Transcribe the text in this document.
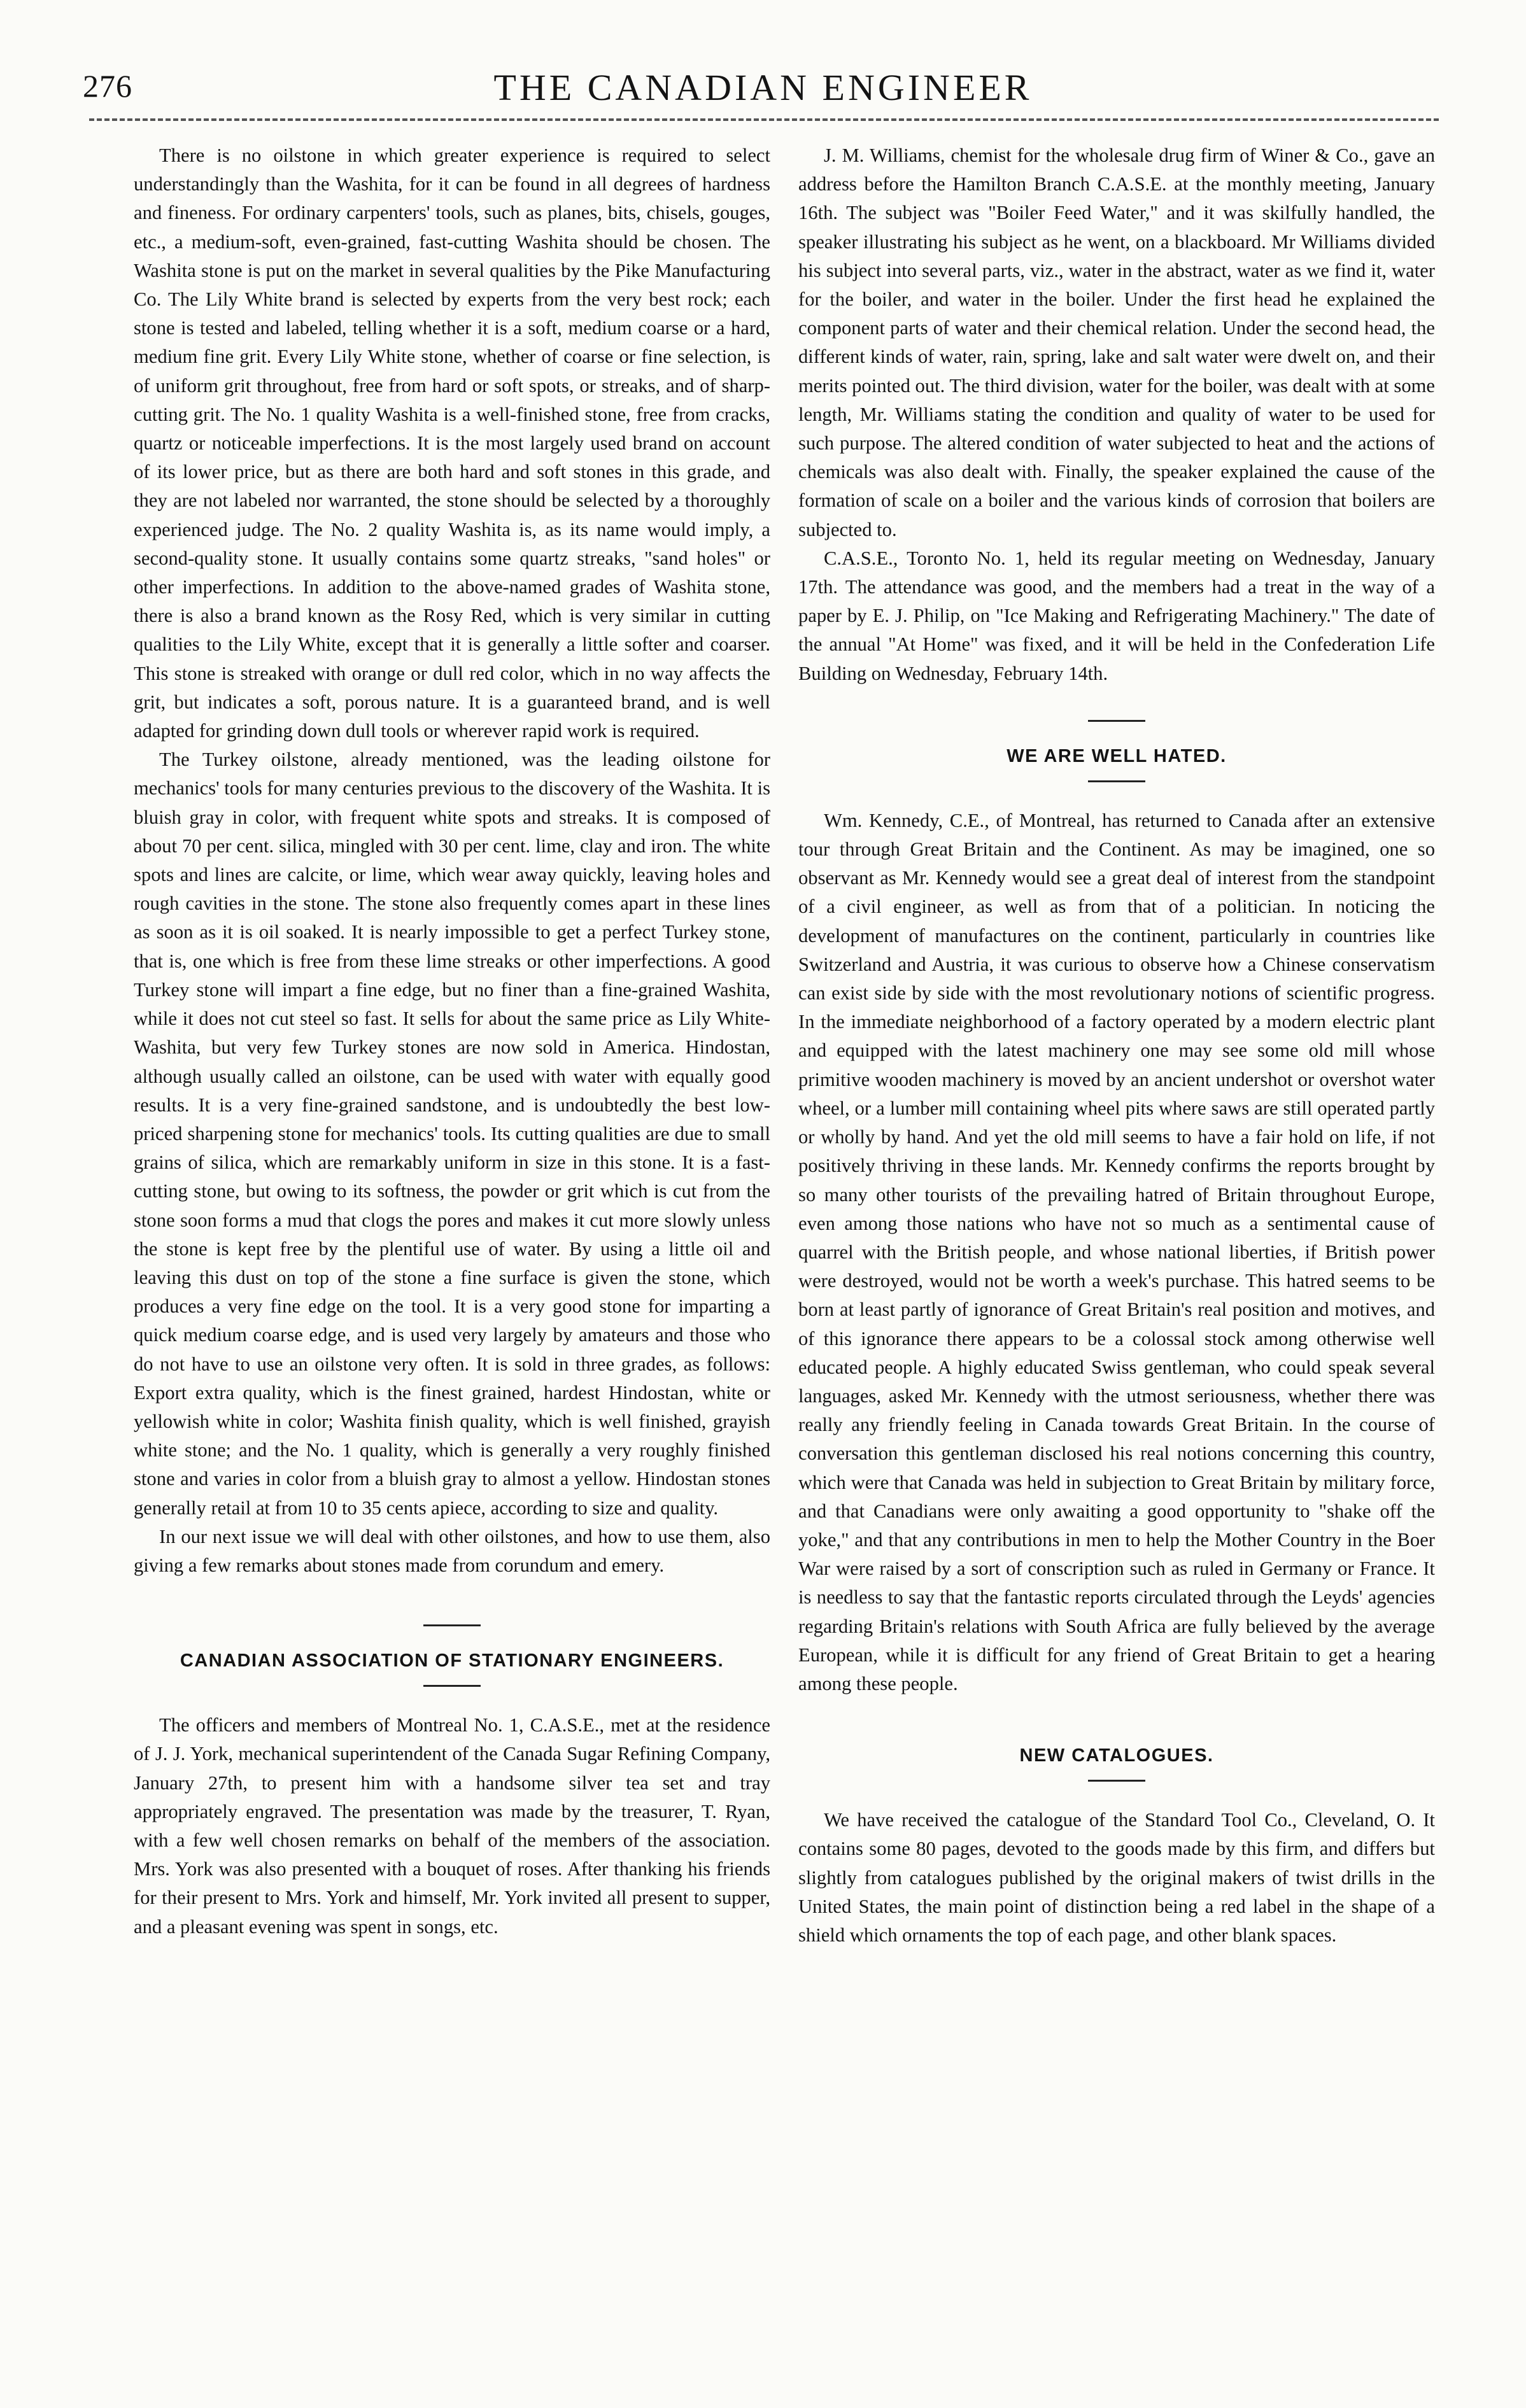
276	THE CANADIAN ENGINEER

There is no oilstone in which greater experience is required to select understandingly than the Washita, for it can be found in all degrees of hardness and fineness. For ordinary carpenters' tools, such as planes, bits, chisels, gouges, etc., a medium-soft, even-grained, fast-cutting Washita should be chosen. The Washita stone is put on the market in several qualities by the Pike Manufacturing Co. The Lily White brand is selected by experts from the very best rock; each stone is tested and labeled, telling whether it is a soft, medium coarse or a hard, medium fine grit. Every Lily White stone, whether of coarse or fine selection, is of uniform grit throughout, free from hard or soft spots, or streaks, and of sharp-cutting grit. The No. 1 quality Washita is a well-finished stone, free from cracks, quartz or noticeable imperfections. It is the most largely used brand on account of its lower price, but as there are both hard and soft stones in this grade, and they are not labeled nor warranted, the stone should be selected by a thoroughly experienced judge. The No. 2 quality Washita is, as its name would imply, a second-quality stone. It usually contains some quartz streaks, "sand holes" or other imperfections. In addition to the above-named grades of Washita stone, there is also a brand known as the Rosy Red, which is very similar in cutting qualities to the Lily White, except that it is generally a little softer and coarser. This stone is streaked with orange or dull red color, which in no way affects the grit, but indicates a soft, porous nature. It is a guaranteed brand, and is well adapted for grinding down dull tools or wherever rapid work is required.

The Turkey oilstone, already mentioned, was the leading oilstone for mechanics' tools for many centuries previous to the discovery of the Washita. It is bluish gray in color, with frequent white spots and streaks. It is composed of about 70 per cent. silica, mingled with 30 per cent. lime, clay and iron. The white spots and lines are calcite, or lime, which wear away quickly, leaving holes and rough cavities in the stone. The stone also frequently comes apart in these lines as soon as it is oil soaked. It is nearly impossible to get a perfect Turkey stone, that is, one which is free from these lime streaks or other imperfections. A good Turkey stone will impart a fine edge, but no finer than a fine-grained Washita, while it does not cut steel so fast. It sells for about the same price as Lily White-Washita, but very few Turkey stones are now sold in America. Hindostan, although usually called an oilstone, can be used with water with equally good results. It is a very fine-grained sandstone, and is undoubtedly the best low-priced sharpening stone for mechanics' tools. Its cutting qualities are due to small grains of silica, which are remarkably uniform in size in this stone. It is a fast-cutting stone, but owing to its softness, the powder or grit which is cut from the stone soon forms a mud that clogs the pores and makes it cut more slowly unless the stone is kept free by the plentiful use of water. By using a little oil and leaving this dust on top of the stone a fine surface is given the stone, which produces a very fine edge on the tool. It is a very good stone for imparting a quick medium coarse edge, and is used very largely by amateurs and those who do not have to use an oilstone very often. It is sold in three grades, as follows: Export extra quality, which is the finest grained, hardest Hindostan, white or yellowish white in color; Washita finish quality, which is well finished, grayish white stone; and the No. 1 quality, which is generally a very roughly finished stone and varies in color from a bluish gray to almost a yellow. Hindostan stones generally retail at from 10 to 35 cents apiece, according to size and quality.

In our next issue we will deal with other oilstones, and how to use them, also giving a few remarks about stones made from corundum and emery.

CANADIAN ASSOCIATION OF STATIONARY ENGINEERS.

The officers and members of Montreal No. 1, C.A.S.E., met at the residence of J. J. York, mechanical superintendent of the Canada Sugar Refining Company, January 27th, to present him with a handsome silver tea set and tray appropriately engraved. The presentation was made by the treasurer, T. Ryan, with a few well chosen remarks on behalf of the members of the association. Mrs. York was also presented with a bouquet of roses. After thanking his friends for their present to Mrs. York and himself, Mr. York invited all present to supper, and a pleasant evening was spent in songs, etc.

J. M. Williams, chemist for the wholesale drug firm of Winer & Co., gave an address before the Hamilton Branch C.A.S.E. at the monthly meeting, January 16th. The subject was "Boiler Feed Water," and it was skilfully handled, the speaker illustrating his subject as he went, on a blackboard. Mr Williams divided his subject into several parts, viz., water in the abstract, water as we find it, water for the boiler, and water in the boiler. Under the first head he explained the component parts of water and their chemical relation. Under the second head, the different kinds of water, rain, spring, lake and salt water were dwelt on, and their merits pointed out. The third division, water for the boiler, was dealt with at some length, Mr. Williams stating the condition and quality of water to be used for such purpose. The altered condition of water subjected to heat and the actions of chemicals was also dealt with. Finally, the speaker explained the cause of the formation of scale on a boiler and the various kinds of corrosion that boilers are subjected to.

C.A.S.E., Toronto No. 1, held its regular meeting on Wednesday, January 17th. The attendance was good, and the members had a treat in the way of a paper by E. J. Philip, on "Ice Making and Refrigerating Machinery." The date of the annual "At Home" was fixed, and it will be held in the Confederation Life Building on Wednesday, February 14th.

WE ARE WELL HATED.

Wm. Kennedy, C.E., of Montreal, has returned to Canada after an extensive tour through Great Britain and the Continent. As may be imagined, one so observant as Mr. Kennedy would see a great deal of interest from the standpoint of a civil engineer, as well as from that of a politician. In noticing the development of manufactures on the continent, particularly in countries like Switzerland and Austria, it was curious to observe how a Chinese conservatism can exist side by side with the most revolutionary notions of scientific progress. In the immediate neighborhood of a factory operated by a modern electric plant and equipped with the latest machinery one may see some old mill whose primitive wooden machinery is moved by an ancient undershot or overshot water wheel, or a lumber mill containing wheel pits where saws are still operated partly or wholly by hand. And yet the old mill seems to have a fair hold on life, if not positively thriving in these lands. Mr. Kennedy confirms the reports brought by so many other tourists of the prevailing hatred of Britain throughout Europe, even among those nations who have not so much as a sentimental cause of quarrel with the British people, and whose national liberties, if British power were destroyed, would not be worth a week's purchase. This hatred seems to be born at least partly of ignorance of Great Britain's real position and motives, and of this ignorance there appears to be a colossal stock among otherwise well educated people. A highly educated Swiss gentleman, who could speak several languages, asked Mr. Kennedy with the utmost seriousness, whether there was really any friendly feeling in Canada towards Great Britain. In the course of conversation this gentleman disclosed his real notions concerning this country, which were that Canada was held in subjection to Great Britain by military force, and that Canadians were only awaiting a good opportunity to "shake off the yoke," and that any contributions in men to help the Mother Country in the Boer War were raised by a sort of conscription such as ruled in Germany or France. It is needless to say that the fantastic reports circulated through the Leyds' agencies regarding Britain's relations with South Africa are fully believed by the average European, while it is difficult for any friend of Great Britain to get a hearing among these people.

NEW CATALOGUES.

We have received the catalogue of the Standard Tool Co., Cleveland, O. It contains some 80 pages, devoted to the goods made by this firm, and differs but slightly from catalogues published by the original makers of twist drills in the United States, the main point of distinction being a red label in the shape of a shield which ornaments the top of each page, and other blank spaces.
